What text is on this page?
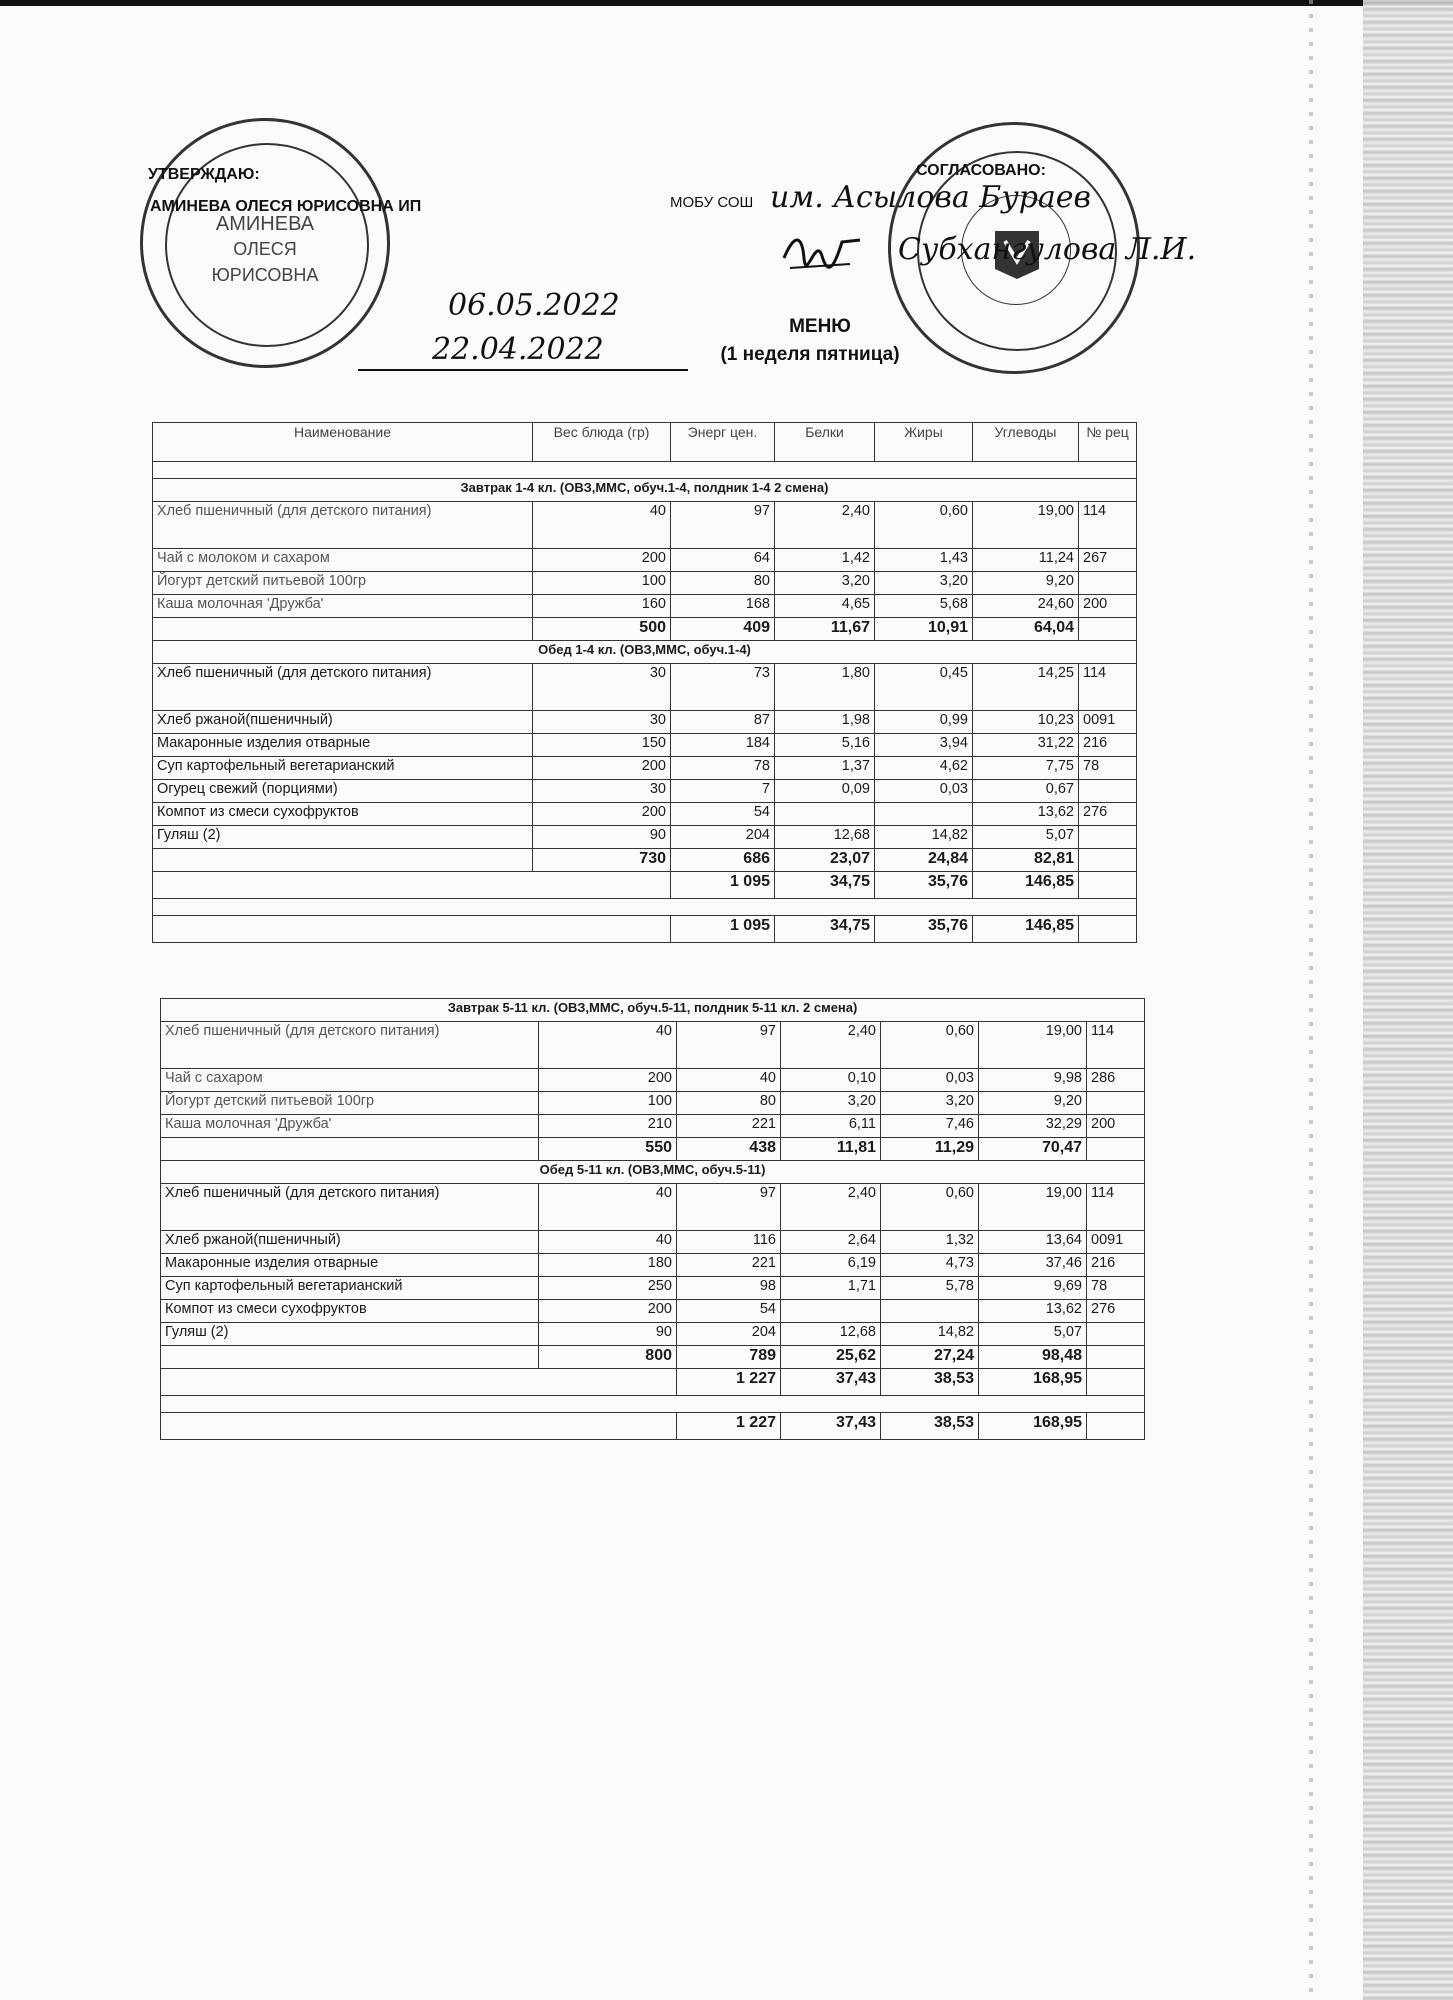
АМИНЕВА
ОЛЕСЯ
ЮРИСОВНА
УТВЕРЖДАЮ:
АМИНЕВА ОЛЕСЯ ЮРИСОВНА ИП
СОГЛАСОВАНО:
МОБУ СОШ им. Асылова Бураев
Субхангулова Л.И.
06.05.2022
22.04.2022
МЕНЮ
(1 неделя пятница)
Наименование	Вес блюда (гр)	Энерг цен.	Белки	Жиры	Углеводы	№ рец

Завтрак 1-4 кл. (ОВЗ,ММС, обуч.1-4, полдник 1-4 2 смена)						
Хлеб пшеничный (для детского питания)	40	97	2,40	0,60	19,00	114
Чай с молоком и сахаром	200	64	1,42	1,43	11,24	267
Йогурт детский питьевой 100гр	100	80	3,20	3,20	9,20	
Каша молочная 'Дружба'	160	168	4,65	5,68	24,60	200
	500	409	11,67	10,91	64,04	
Обед 1-4 кл. (ОВЗ,ММС, обуч.1-4)						
Хлеб пшеничный (для детского питания)	30	73	1,80	0,45	14,25	114
Хлеб ржаной(пшеничный)	30	87	1,98	0,99	10,23	0091
Макаронные изделия отварные	150	184	5,16	3,94	31,22	216
Суп картофельный вегетарианский	200	78	1,37	4,62	7,75	78
Огурец свежий (порциями)	30	7	0,09	0,03	0,67	
Компот из смеси сухофруктов	200	54			13,62	276
Гуляш (2)	90	204	12,68	14,82	5,07	
	730	686	23,07	24,84	82,81	
		1 095	34,75	35,76	146,85	

		1 095	34,75	35,76	146,85	
Завтрак 5-11 кл. (ОВЗ,ММС, обуч.5-11, полдник 5-11 кл. 2 смена)						
Хлеб пшеничный (для детского питания)	40	97	2,40	0,60	19,00	114
Чай с сахаром	200	40	0,10	0,03	9,98	286
Йогурт детский питьевой 100гр	100	80	3,20	3,20	9,20	
Каша молочная 'Дружба'	210	221	6,11	7,46	32,29	200
	550	438	11,81	11,29	70,47	
Обед 5-11 кл. (ОВЗ,ММС, обуч.5-11)						
Хлеб пшеничный (для детского питания)	40	97	2,40	0,60	19,00	114
Хлеб ржаной(пшеничный)	40	116	2,64	1,32	13,64	0091
Макаронные изделия отварные	180	221	6,19	4,73	37,46	216
Суп картофельный вегетарианский	250	98	1,71	5,78	9,69	78
Компот из смеси сухофруктов	200	54			13,62	276
Гуляш (2)	90	204	12,68	14,82	5,07	
	800	789	25,62	27,24	98,48	
		1 227	37,43	38,53	168,95	

		1 227	37,43	38,53	168,95	
